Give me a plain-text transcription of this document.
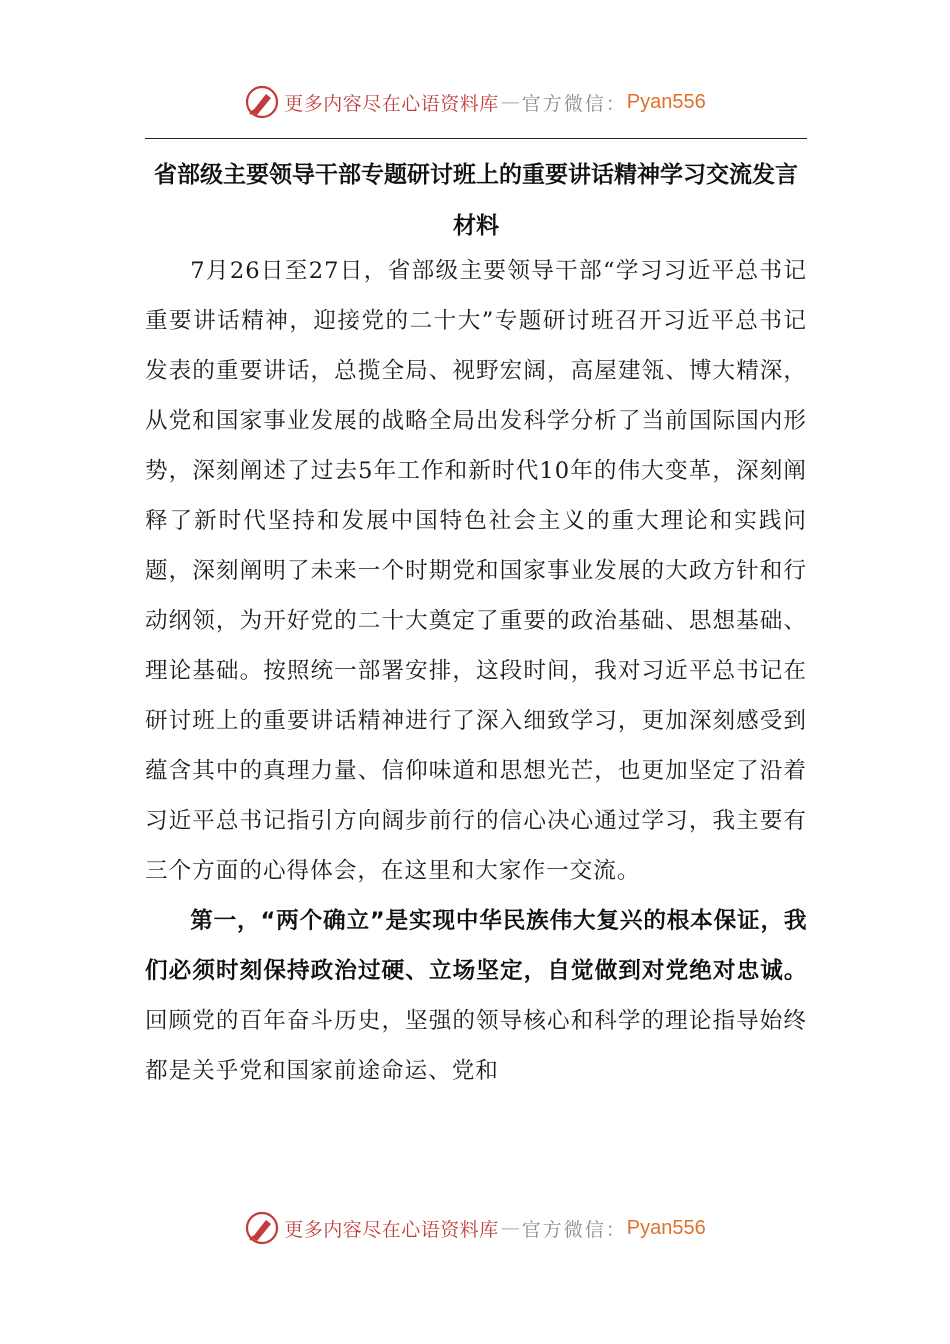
更多内容尽在心语资料库 — 官方微信： Pyan556
省部级主要领导干部专题研讨班上的重要讲话精神学习交流发言材料

7月26日至27日，省部级主要领导干部“学习习近平总书记重要讲话精神，迎接党的二十大”专题研讨班召开习近平总书记发表的重要讲话，总揽全局、视野宏阔，高屋建瓴、博大精深，从党和国家事业发展的战略全局出发科学分析了当前国际国内形势，深刻阐述了过去5年工作和新时代10年的伟大变革，深刻阐释了新时代坚持和发展中国特色社会主义的重大理论和实践问题，深刻阐明了未来一个时期党和国家事业发展的大政方针和行动纲领，为开好党的二十大奠定了重要的政治基础、思想基础、理论基础。按照统一部署安排，这段时间，我对习近平总书记在研讨班上的重要讲话精神进行了深入细致学习，更加深刻感受到蕴含其中的真理力量、信仰味道和思想光芒，也更加坚定了沿着习近平总书记指引方向阔步前行的信心决心通过学习，我主要有三个方面的心得体会，在这里和大家作一交流。

第一，“两个确立”是实现中华民族伟大复兴的根本保证，我们必须时刻保持政治过硬、立场坚定，自觉做到对党绝对忠诚。回顾党的百年奋斗历史，坚强的领导核心和科学的理论指导始终都是关乎党和国家前途命运、党和

更多内容尽在心语资料库 — 官方微信： Pyan556
